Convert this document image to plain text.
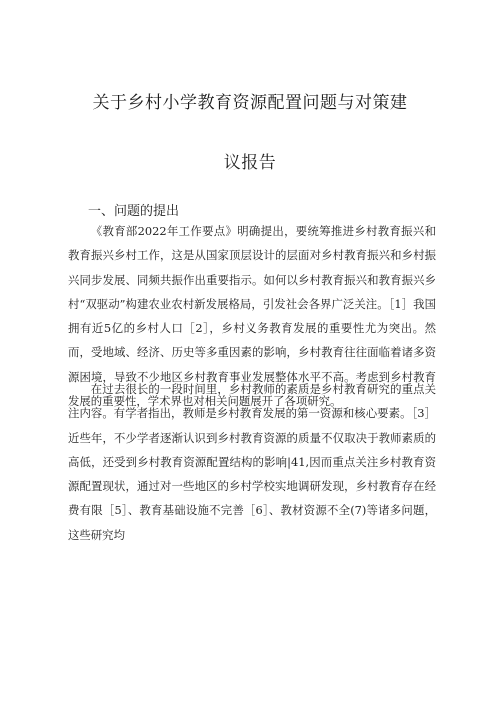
关于乡村小学教育资源配置问题与对策建
议报告
一、问题的提出

《教育部2022年工作要点》明确提出，要统筹推进乡村教育振兴和教育振兴乡村工作，这是从国家顶层设计的层面对乡村教育振兴和乡村振兴同步发展、同频共振作出重要指示。如何以乡村教育振兴和教育振兴乡村“双驱动”构建农业农村新发展格局，引发社会各界广泛关注。［1］我国拥有近5亿的乡村人口［2］，乡村义务教育发展的重要性尤为突出。然而，受地域、经济、历史等多重因素的影响，乡村教育往往面临着诸多资源困境，导致不少地区乡村教育事业发展整体水平不高。考虑到乡村教育发展的重要性，学术界也对相关问题展开了各项研究。

在过去很长的一段时间里，乡村教师的素质是乡村教育研究的重点关注内容。有学者指出，教师是乡村教育发展的第一资源和核心要素。［3］近些年，不少学者逐渐认识到乡村教育资源的质量不仅取决于教师素质的高低，还受到乡村教育资源配置结构的影响|41,因而重点关注乡村教育资源配置现状，通过对一些地区的乡村学校实地调研发现，乡村教育存在经费有限［5］、教育基础设施不完善［6］、教材资源不全(7)等诸多问题，这些研究均
